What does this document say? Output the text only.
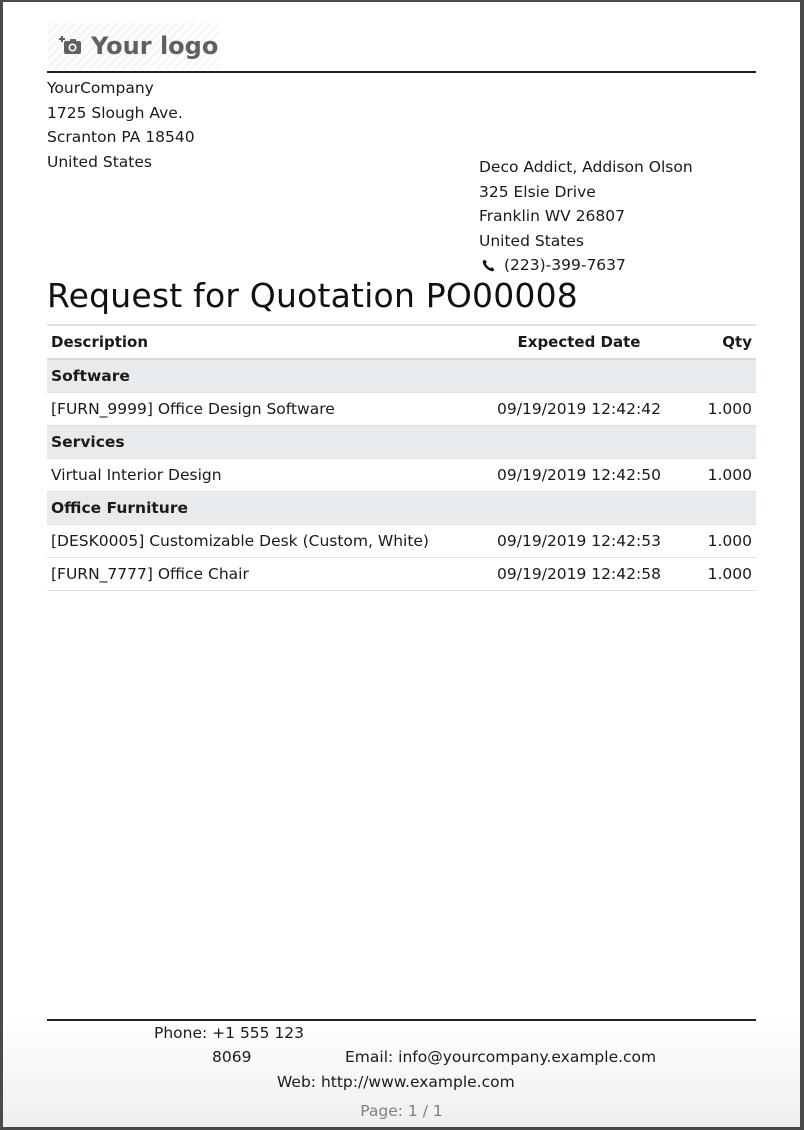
Your logo
YourCompany
1725 Slough Ave.
Scranton PA 18540
United States	Deco Addict, Addison Olson
325 Elsie Drive
Franklin WV 26807
United States
(223)-399-7637
Request for Quotation PO00008
Description	Expected Date	Qty
Software		
[FURN_9999] Office Design Software	09/19/2019 12:42:42	1.000
Services		
Virtual Interior Design	09/19/2019 12:42:50	1.000
Office Furniture		
[DESK0005] Customizable Desk (Custom, White)	09/19/2019 12:42:53	1.000
[FURN_7777] Office Chair	09/19/2019 12:42:58	1.000
Phone: +1 555 123
8069	Email: info@yourcompany.example.com
Web: http://www.example.com
Page: 1 / 1
